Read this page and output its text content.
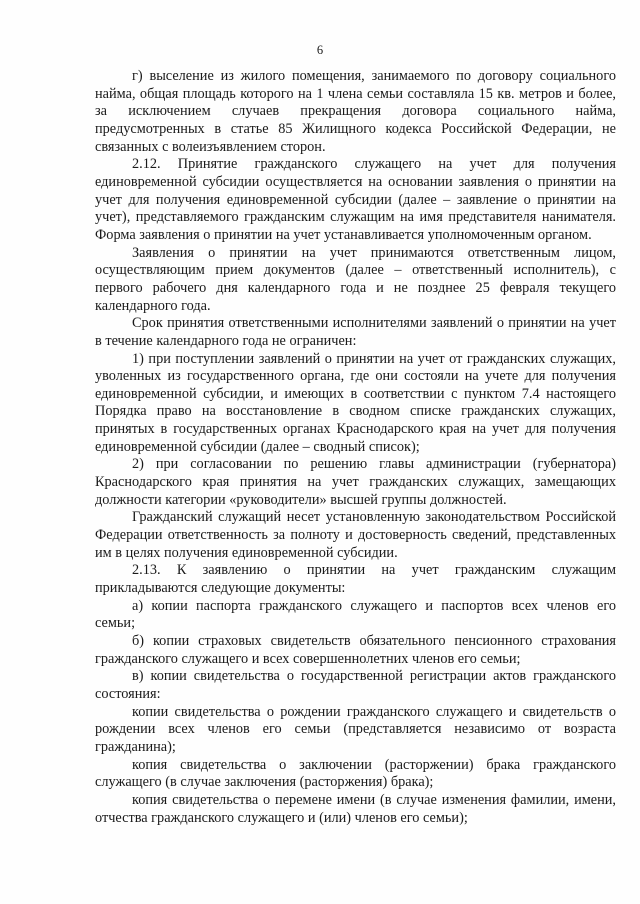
6

г) выселение из жилого помещения, занимаемого по договору социального найма, общая площадь которого на 1 члена семьи составляла 15 кв. метров и более, за исключением случаев прекращения договора социального найма, предусмотренных в статье 85 Жилищного кодекса Российской Федерации, не связанных с волеизъявлением сторон.

2.12. Принятие гражданского служащего на учет для получения единовременной субсидии осуществляется на основании заявления о принятии на учет для получения единовременной субсидии (далее – заявление о принятии на учет), представляемого гражданским служащим на имя представителя нанимателя. Форма заявления о принятии на учет устанавливается уполномоченным органом.

Заявления о принятии на учет принимаются ответственным лицом, осуществляющим прием документов (далее – ответственный исполнитель), с первого рабочего дня календарного года и не позднее 25 февраля текущего календарного года.

Срок принятия ответственными исполнителями заявлений о принятии на учет в течение календарного года не ограничен:

1) при поступлении заявлений о принятии на учет от гражданских служащих, уволенных из государственного органа, где они состояли на учете для получения единовременной субсидии, и имеющих в соответствии с пунктом 7.4 настоящего Порядка право на восстановление в сводном списке гражданских служащих, принятых в государственных органах Краснодарского края на учет для получения единовременной субсидии (далее – сводный список);

2) при согласовании по решению главы администрации (губернатора) Краснодарского края принятия на учет гражданских служащих, замещающих должности категории «руководители» высшей группы должностей.

Гражданский служащий несет установленную законодательством Российской Федерации ответственность за полноту и достоверность сведений, представленных им в целях получения единовременной субсидии.

2.13. К заявлению о принятии на учет гражданским служащим прикладываются следующие документы:

а) копии паспорта гражданского служащего и паспортов всех членов его семьи;

б) копии страховых свидетельств обязательного пенсионного страхования гражданского служащего и всех совершеннолетних членов его семьи;

в) копии свидетельства о государственной регистрации актов гражданского состояния:

копии свидетельства о рождении гражданского служащего и свидетельств о рождении всех членов его семьи (представляется независимо от возраста гражданина);

копия свидетельства о заключении (расторжении) брака гражданского служащего (в случае заключения (расторжения) брака);

копия свидетельства о перемене имени (в случае изменения фамилии, имени, отчества гражданского служащего и (или) членов его семьи);
